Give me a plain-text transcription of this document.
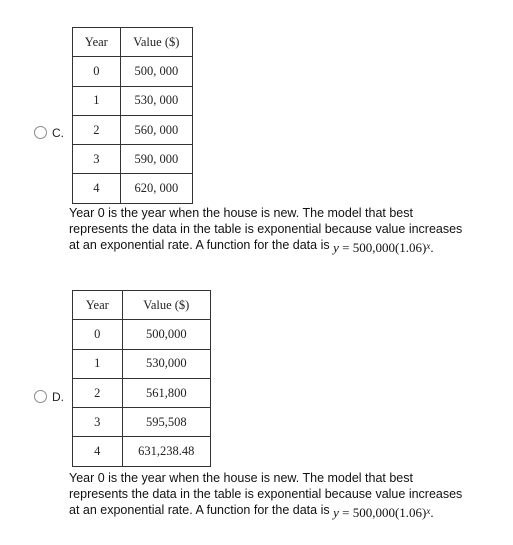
C.
Year	Value ($)
0	500, 000
1	530, 000
2	560, 000
3	590, 000
4	620, 000
Year 0 is the year when the house is new. The model that best
represents the data in the table is exponential because value increases
at an exponential rate. A function for the data is $y = 500,000(1.06)^x$.
D.
Year	Value ($)
0	500,000
1	530,000
2	561,800
3	595,508
4	631,238.48
Year 0 is the year when the house is new. The model that best
represents the data in the table is exponential because value increases
at an exponential rate. A function for the data is $y = 500,000(1.06)^x$.
